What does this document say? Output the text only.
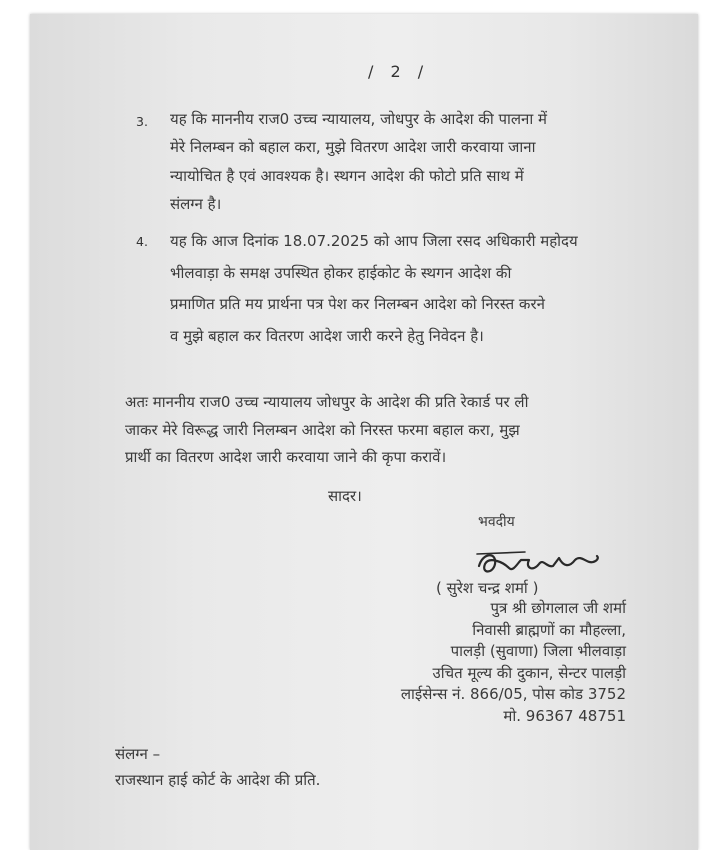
/ 2 /
3. यह कि माननीय राज0 उच्च न्यायालय, जोधपुर के आदेश की पालना में
मेरे निलम्बन को बहाल करा, मुझे वितरण आदेश जारी करवाया जाना
न्यायोचित है एवं आवश्यक है। स्थगन आदेश की फोटो प्रति साथ में
संलग्न है।
4. यह कि आज दिनांक 18.07.2025 को आप जिला रसद अधिकारी महोदय
भीलवाड़ा के समक्ष उपस्थित होकर हाईकोट के स्थगन आदेश की
प्रमाणित प्रति मय प्रार्थना पत्र पेश कर निलम्बन आदेश को निरस्त करने
व मुझे बहाल कर वितरण आदेश जारी करने हेतु निवेदन है।
अतः माननीय राज0 उच्च न्यायालय जोधपुर के आदेश की प्रति रेकार्ड पर ली
जाकर मेरे विरूद्ध जारी निलम्बन आदेश को निरस्त फरमा बहाल करा, मुझ
प्रार्थी का वितरण आदेश जारी करवाया जाने की कृपा करावें।
सादर।
भवदीय
( सुरेश चन्द्र शर्मा )
पुत्र श्री छोगलाल जी शर्मा
निवासी ब्राह्मणों का मौहल्ला,
पालड़ी (सुवाणा) जिला भीलवाड़ा
उचित मूल्य की दुकान, सेन्टर पालड़ी
लाईसेन्स नं. 866/05, पोस कोड 3752
मो. 96367 48751
संलग्न –
राजस्थान हाई कोर्ट के आदेश की प्रति.
